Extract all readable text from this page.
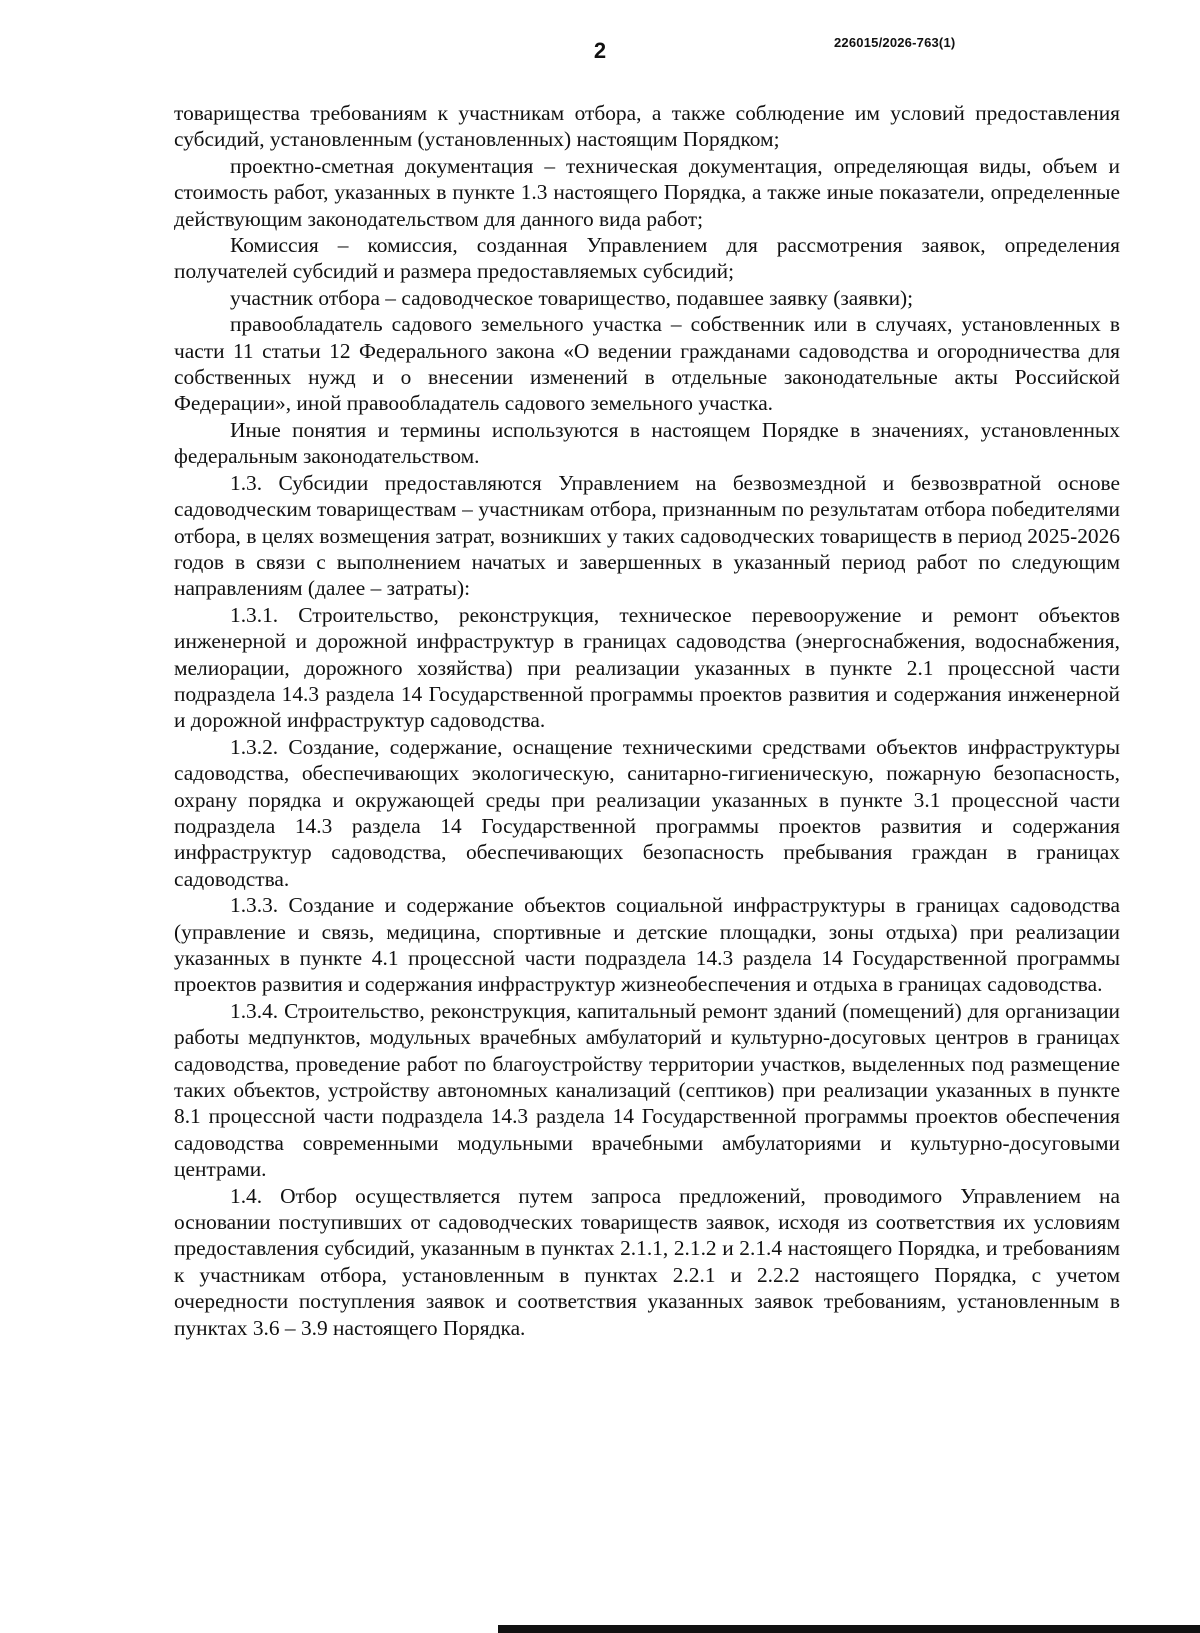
2	226015/2026-763(1)

товарищества требованиям к участникам отбора, а также соблюдение им условий предоставления субсидий, установленным (установленных) настоящим Порядком;

проектно-сметная документация – техническая документация, определяющая виды, объем и стоимость работ, указанных в пункте 1.3 настоящего Порядка, а также иные показатели, определенные действующим законодательством для данного вида работ;

Комиссия – комиссия, созданная Управлением для рассмотрения заявок, определения получателей субсидий и размера предоставляемых субсидий;

участник отбора – садоводческое товарищество, подавшее заявку (заявки);

правообладатель садового земельного участка – собственник или в случаях, установленных в части 11 статьи 12 Федерального закона «О ведении гражданами садоводства и огородничества для собственных нужд и о внесении изменений в отдельные законодательные акты Российской Федерации», иной правообладатель садового земельного участка.

Иные понятия и термины используются в настоящем Порядке в значениях, установленных федеральным законодательством.

1.3. Субсидии предоставляются Управлением на безвозмездной и безвозвратной основе садоводческим товариществам – участникам отбора, признанным по результатам отбора победителями отбора, в целях возмещения затрат, возникших у таких садоводческих товариществ в период 2025-2026 годов в связи с выполнением начатых и завершенных в указанный период работ по следующим направлениям (далее – затраты):

1.3.1. Строительство, реконструкция, техническое перевооружение и ремонт объектов инженерной и дорожной инфраструктур в границах садоводства (энергоснабжения, водоснабжения, мелиорации, дорожного хозяйства) при реализации указанных в пункте 2.1 процессной части подраздела 14.3 раздела 14 Государственной программы проектов развития и содержания инженерной и дорожной инфраструктур садоводства.

1.3.2. Создание, содержание, оснащение техническими средствами объектов инфраструктуры садоводства, обеспечивающих экологическую, санитарно-гигиеническую, пожарную безопасность, охрану порядка и окружающей среды при реализации указанных в пункте 3.1 процессной части подраздела 14.3 раздела 14 Государственной программы проектов развития и содержания инфраструктур садоводства, обеспечивающих безопасность пребывания граждан в границах садоводства.

1.3.3. Создание и содержание объектов социальной инфраструктуры в границах садоводства (управление и связь, медицина, спортивные и детские площадки, зоны отдыха) при реализации указанных в пункте 4.1 процессной части подраздела 14.3 раздела 14 Государственной программы проектов развития и содержания инфраструктур жизнеобеспечения и отдыха в границах садоводства.

1.3.4. Строительство, реконструкция, капитальный ремонт зданий (помещений) для организации работы медпунктов, модульных врачебных амбулаторий и культурно-досуговых центров в границах садоводства, проведение работ по благоустройству территории участков, выделенных под размещение таких объектов, устройству автономных канализаций (септиков) при реализации указанных в пункте 8.1 процессной части подраздела 14.3 раздела 14 Государственной программы проектов обеспечения садоводства современными модульными врачебными амбулаториями и культурно-досуговыми центрами.

1.4. Отбор осуществляется путем запроса предложений, проводимого Управлением на основании поступивших от садоводческих товариществ заявок, исходя из соответствия их условиям предоставления субсидий, указанным в пунктах 2.1.1, 2.1.2 и 2.1.4 настоящего Порядка, и требованиям к участникам отбора, установленным в пунктах 2.2.1 и 2.2.2 настоящего Порядка, с учетом очередности поступления заявок и соответствия указанных заявок требованиям, установленным в пунктах 3.6 – 3.9 настоящего Порядка.
